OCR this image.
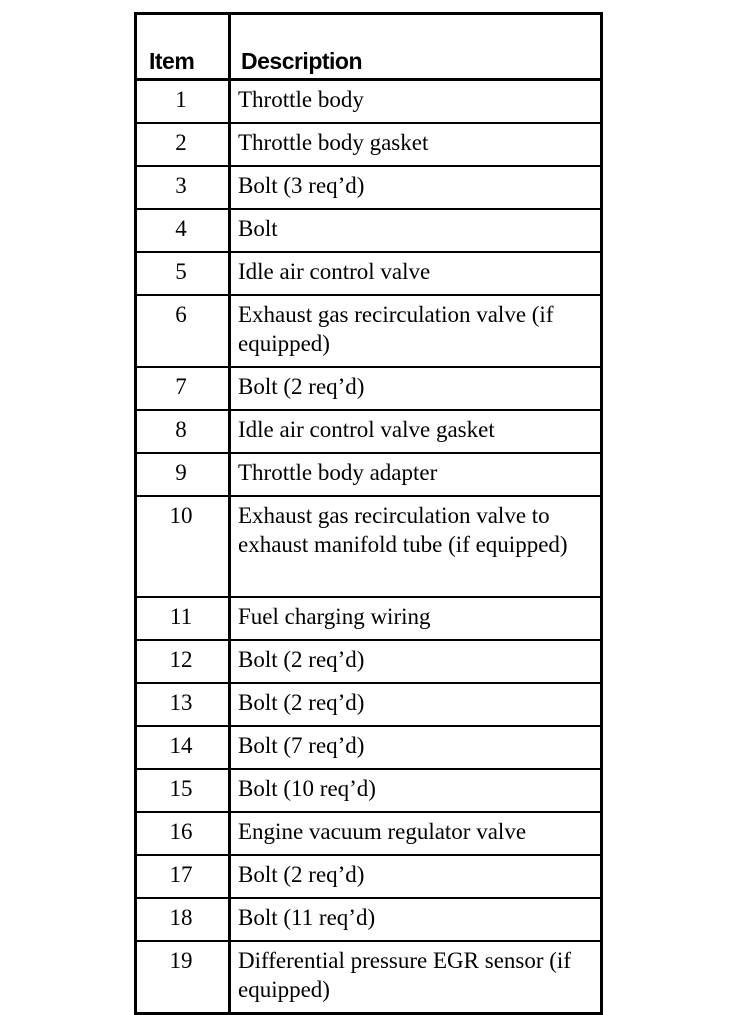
Item	Description
1	Throttle body
2	Throttle body gasket
3	Bolt (3 req’d)
4	Bolt
5	Idle air control valve
6	Exhaust gas recirculation valve (if equipped)
7	Bolt (2 req’d)
8	Idle air control valve gasket
9	Throttle body adapter
10	Exhaust gas recirculation valve to exhaust manifold tube (if equipped)
11	Fuel charging wiring
12	Bolt (2 req’d)
13	Bolt (2 req’d)
14	Bolt (7 req’d)
15	Bolt (10 req’d)
16	Engine vacuum regulator valve
17	Bolt (2 req’d)
18	Bolt (11 req’d)
19	Differential pressure EGR sensor (if equipped)
